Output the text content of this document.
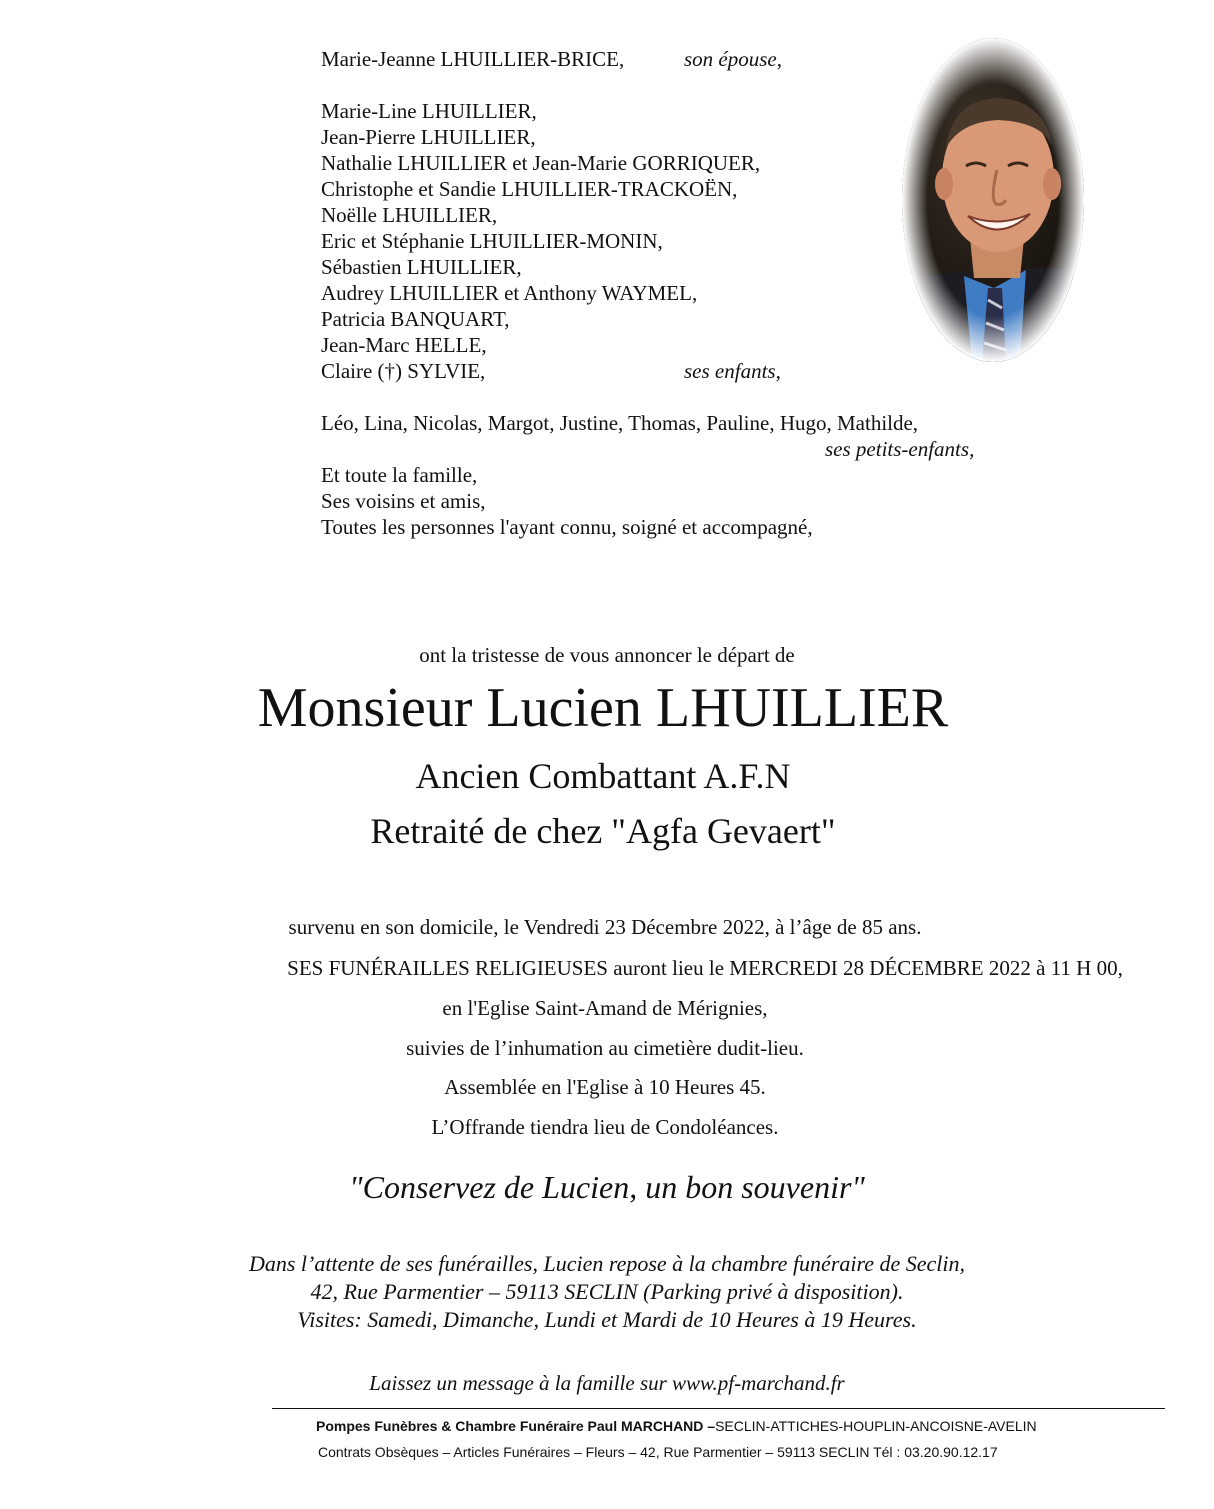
Marie-Jeanne LHUILLIER-BRICE,	son épouse,
Marie-Line LHUILLIER,
Jean-Pierre LHUILLIER,
Nathalie LHUILLIER et Jean-Marie GORRIQUER,
Christophe et Sandie LHUILLIER-TRACKOËN,
Noëlle LHUILLIER,
Eric et Stéphanie LHUILLIER-MONIN,
Sébastien LHUILLIER,
Audrey LHUILLIER et Anthony WAYMEL,
Patricia BANQUART,
Jean-Marc HELLE,
Claire (†) SYLVIE,	ses enfants,
Léo, Lina, Nicolas, Margot, Justine, Thomas, Pauline, Hugo, Mathilde,
ses petits-enfants,
Et toute la famille,
Ses voisins et amis,
Toutes les personnes l'ayant connu, soigné et accompagné,
ont la tristesse de vous annoncer le départ de
Monsieur Lucien LHUILLIER
Ancien Combattant A.F.N
Retraité de chez "Agfa Gevaert"
survenu en son domicile, le Vendredi 23 Décembre 2022, à l’âge de 85 ans.
SES FUNÉRAILLES RELIGIEUSES auront lieu le MERCREDI 28 DÉCEMBRE 2022 à 11 H 00,
en l'Eglise Saint-Amand de Mérignies,
suivies de l’inhumation au cimetière dudit-lieu.
Assemblée en l'Eglise à 10 Heures 45.
L’Offrande tiendra lieu de Condoléances.
"Conservez de Lucien, un bon souvenir"
Dans l’attente de ses funérailles, Lucien repose à la chambre funéraire de Seclin,
42, Rue Parmentier – 59113 SECLIN (Parking privé à disposition).
Visites: Samedi, Dimanche, Lundi et Mardi de 10 Heures à 19 Heures.
Laissez un message à la famille sur www.pf-marchand.fr
Pompes Funèbres & Chambre Funéraire Paul MARCHAND –SECLIN-ATTICHES-HOUPLIN-ANCOISNE-AVELIN
Contrats Obsèques – Articles Funéraires – Fleurs – 42, Rue Parmentier – 59113 SECLIN Tél : 03.20.90.12.17
